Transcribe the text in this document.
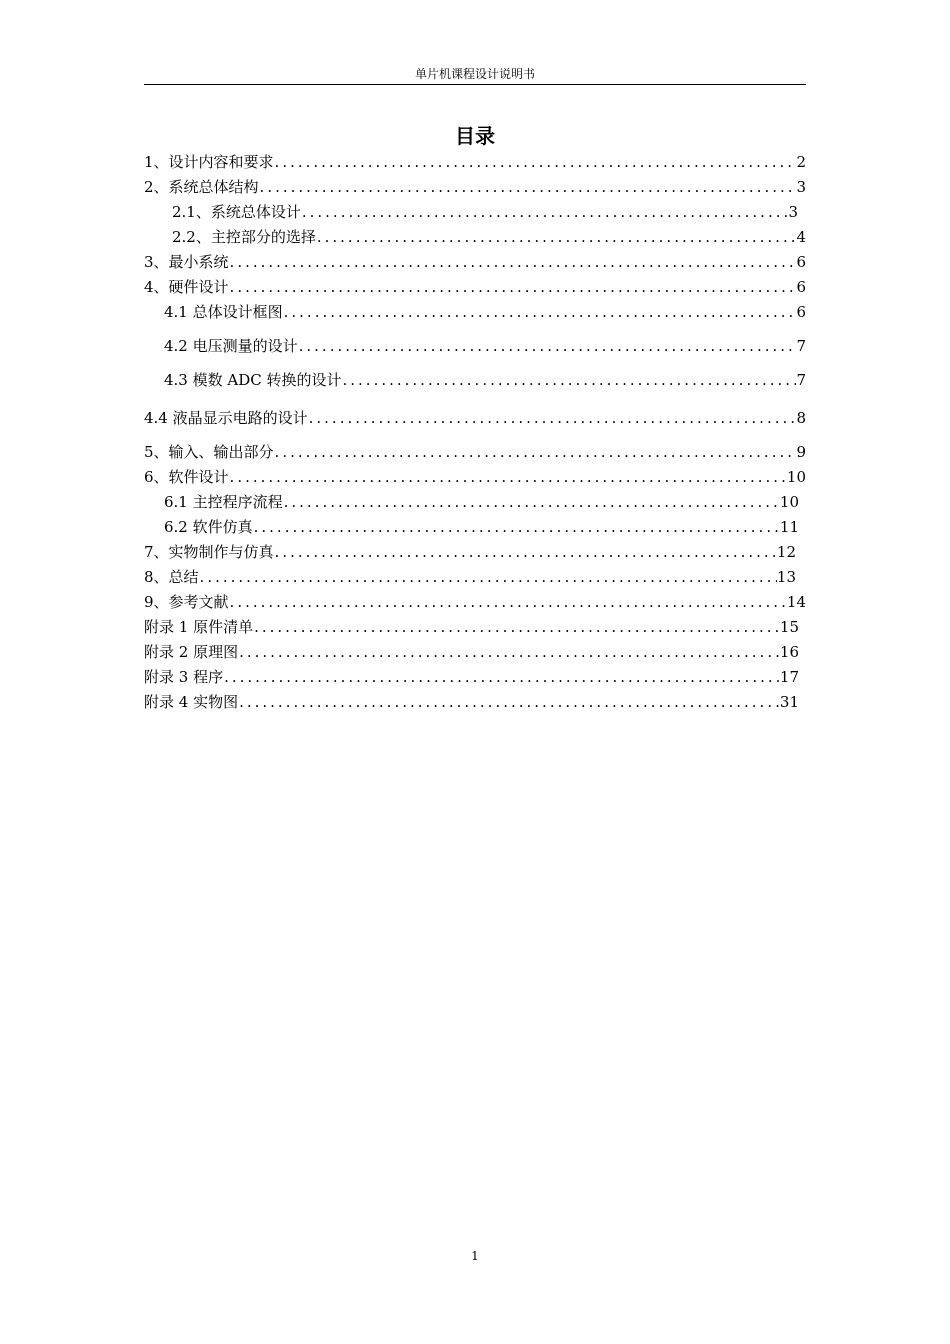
单片机课程设计说明书
目录
1、设计内容和要求 .....	2
2、系统总体结构 .....	3
2.1、系统总体设计 .....	3
2.2、主控部分的选择 .....	4
3、最小系统 .....	6
4、硬件设计 .....	6
4.1 总体设计框图 .....	6
4.2 电压测量的设计 .....	7
4.3 模数 ADC 转换的设计 .....	7
4.4 液晶显示电路的设计 .....	8
5、输入、输出部分 .....	9
6、软件设计 .....	10
6.1 主控程序流程 .....	10
6.2 软件仿真 .....	11
7、实物制作与仿真 .....	12
8、总结 .....	13
9、参考文献 .....	14
附录 1 原件清单 .....	15
附录 2 原理图 .....	16
附录 3 程序 .....	17
附录 4 实物图 .....	31
1
